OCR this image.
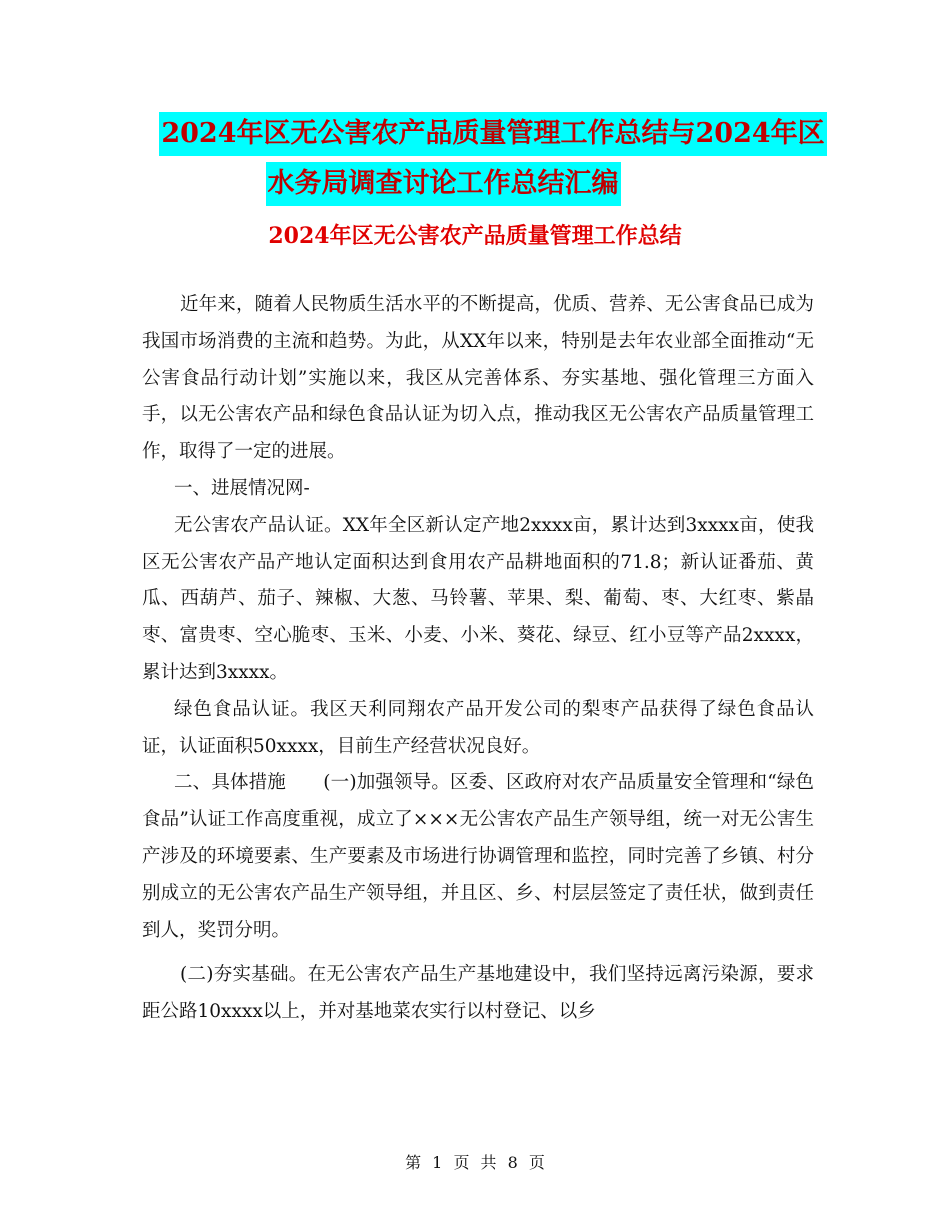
2024年区无公害农产品质量管理工作总结与2024年区
水务局调查讨论工作总结汇编
2024年区无公害农产品质量管理工作总结

近年来，随着人民物质生活水平的不断提高，优质、营养、无公害食品已成为我国市场消费的主流和趋势。为此，从XX年以来，特别是去年农业部全面推动“无公害食品行动计划”实施以来，我区从完善体系、夯实基地、强化管理三方面入手，以无公害农产品和绿色食品认证为切入点，推动我区无公害农产品质量管理工作，取得了一定的进展。

一、进展情况网-

无公害农产品认证。XX年全区新认定产地2xxxx亩，累计达到3xxxx亩，使我区无公害农产品产地认定面积达到食用农产品耕地面积的71.8；新认证番茄、黄瓜、西葫芦、茄子、辣椒、大葱、马铃薯、苹果、梨、葡萄、枣、大红枣、紫晶枣、富贵枣、空心脆枣、玉米、小麦、小米、葵花、绿豆、红小豆等产品2xxxx，累计达到3xxxx。

绿色食品认证。我区天利同翔农产品开发公司的梨枣产品获得了绿色食品认证，认证面积50xxxx，目前生产经营状况良好。

二、具体措施　　(一)加强领导。区委、区政府对农产品质量安全管理和“绿色食品”认证工作高度重视，成立了×××无公害农产品生产领导组，统一对无公害生产涉及的环境要素、生产要素及市场进行协调管理和监控，同时完善了乡镇、村分别成立的无公害农产品生产领导组，并且区、乡、村层层签定了责任状，做到责任到人，奖罚分明。

(二)夯实基础。在无公害农产品生产基地建设中，我们坚持远离污染源，要求距公路10xxxx以上，并对基地菜农实行以村登记、以乡

第 1 页 共 8 页
